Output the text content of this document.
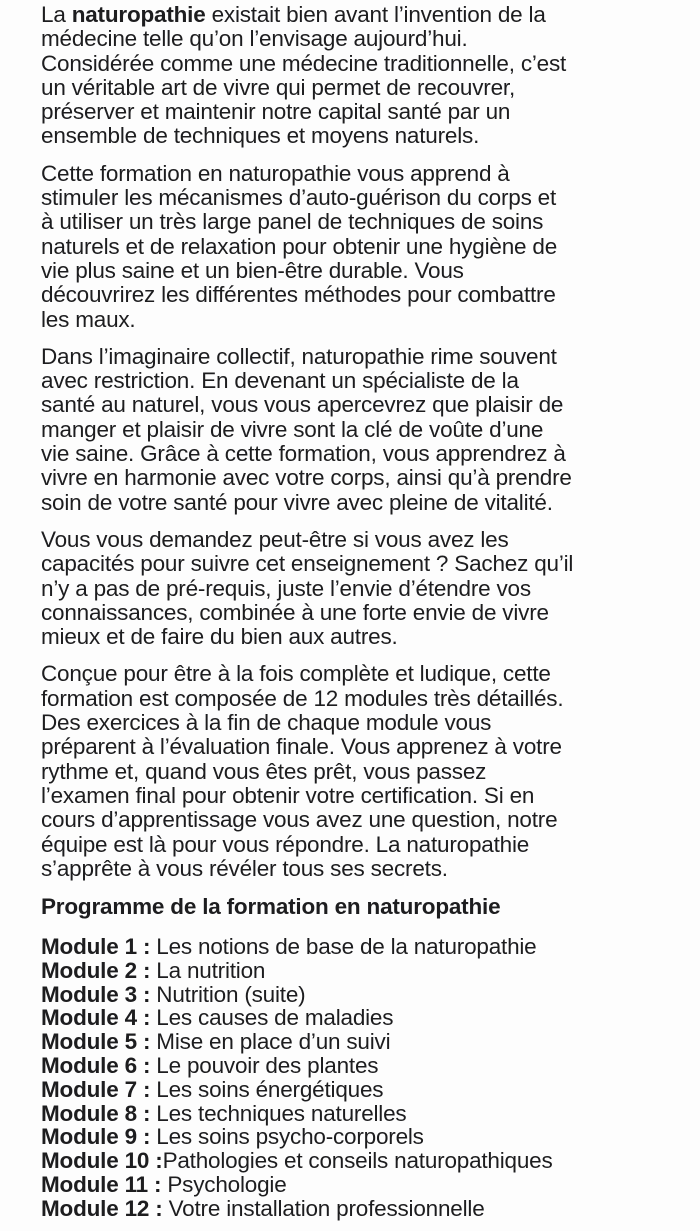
La naturopathie existait bien avant l’invention de la
médecine telle qu’on l’envisage aujourd’hui.
Considérée comme une médecine traditionnelle, c’est
un véritable art de vivre qui permet de recouvrer,
préserver et maintenir notre capital santé par un
ensemble de techniques et moyens naturels.
Cette formation en naturopathie vous apprend à
stimuler les mécanismes d’auto-guérison du corps et
à utiliser un très large panel de techniques de soins
naturels et de relaxation pour obtenir une hygiène de
vie plus saine et un bien-être durable. Vous
découvrirez les différentes méthodes pour combattre
les maux.
Dans l’imaginaire collectif, naturopathie rime souvent
avec restriction. En devenant un spécialiste de la
santé au naturel, vous vous apercevrez que plaisir de
manger et plaisir de vivre sont la clé de voûte d’une
vie saine. Grâce à cette formation, vous apprendrez à
vivre en harmonie avec votre corps, ainsi qu’à prendre
soin de votre santé pour vivre avec pleine de vitalité.
Vous vous demandez peut-être si vous avez les
capacités pour suivre cet enseignement ? Sachez qu’il
n’y a pas de pré-requis, juste l’envie d’étendre vos
connaissances, combinée à une forte envie de vivre
mieux et de faire du bien aux autres.
Conçue pour être à la fois complète et ludique, cette
formation est composée de 12 modules très détaillés.
Des exercices à la fin de chaque module vous
préparent à l’évaluation finale. Vous apprenez à votre
rythme et, quand vous êtes prêt, vous passez
l’examen final pour obtenir votre certification. Si en
cours d’apprentissage vous avez une question, notre
équipe est là pour vous répondre. La naturopathie
s’apprête à vous révéler tous ses secrets.
Programme de la formation en naturopathie
Module 1 : Les notions de base de la naturopathie
Module 2 : La nutrition
Module 3 : Nutrition (suite)
Module 4 : Les causes de maladies
Module 5 : Mise en place d’un suivi
Module 6 : Le pouvoir des plantes
Module 7 : Les soins énergétiques
Module 8 : Les techniques naturelles
Module 9 : Les soins psycho-corporels
Module 10 :Pathologies et conseils naturopathiques
Module 11 : Psychologie
Module 12 : Votre installation professionnelle
